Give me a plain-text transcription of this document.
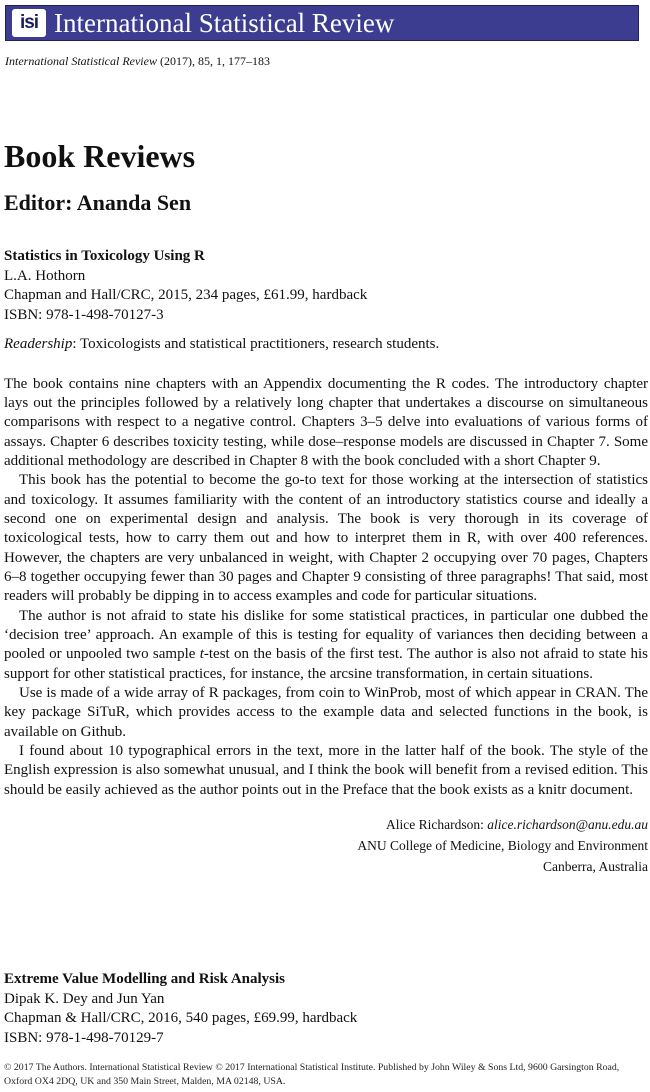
isi International Statistical Review
International Statistical Review (2017), 85, 1, 177–183
Book Reviews
Editor: Ananda Sen
Statistics in Toxicology Using R
L.A. Hothorn
Chapman and Hall/CRC, 2015, 234 pages, £61.99, hardback
ISBN: 978-1-498-70127-3
Readership: Toxicologists and statistical practitioners, research students.

The book contains nine chapters with an Appendix documenting the R codes. The introductory chapter lays out the principles followed by a relatively long chapter that undertakes a discourse on simultaneous comparisons with respect to a negative control. Chapters 3–5 delve into evaluations of various forms of assays. Chapter 6 describes toxicity testing, while dose–response models are discussed in Chapter 7. Some additional methodology are described in Chapter 8 with the book concluded with a short Chapter 9.

This book has the potential to become the go-to text for those working at the intersection of statistics and toxicology. It assumes familiarity with the content of an introductory statistics course and ideally a second one on experimental design and analysis. The book is very thorough in its coverage of toxicological tests, how to carry them out and how to interpret them in R, with over 400 references. However, the chapters are very unbalanced in weight, with Chapter 2 occupying over 70 pages, Chapters 6–8 together occupying fewer than 30 pages and Chapter 9 consisting of three paragraphs! That said, most readers will probably be dipping in to access examples and code for particular situations.

The author is not afraid to state his dislike for some statistical practices, in particular one dubbed the ‘decision tree’ approach. An example of this is testing for equality of variances then deciding between a pooled or unpooled two sample t-test on the basis of the first test. The author is also not afraid to state his support for other statistical practices, for instance, the arcsine transformation, in certain situations.

Use is made of a wide array of R packages, from coin to WinProb, most of which appear in CRAN. The key package SiTuR, which provides access to the example data and selected functions in the book, is available on Github.

I found about 10 typographical errors in the text, more in the latter half of the book. The style of the English expression is also somewhat unusual, and I think the book will benefit from a revised edition. This should be easily achieved as the author points out in the Preface that the book exists as a knitr document.

Alice Richardson: alice.richardson@anu.edu.au
ANU College of Medicine, Biology and Environment
Canberra, Australia
Extreme Value Modelling and Risk Analysis
Dipak K. Dey and Jun Yan
Chapman & Hall/CRC, 2016, 540 pages, £69.99, hardback
ISBN: 978-1-498-70129-7
© 2017 The Authors. International Statistical Review © 2017 International Statistical Institute. Published by John Wiley & Sons Ltd, 9600 Garsington Road, Oxford OX4 2DQ, UK and 350 Main Street, Malden, MA 02148, USA.
